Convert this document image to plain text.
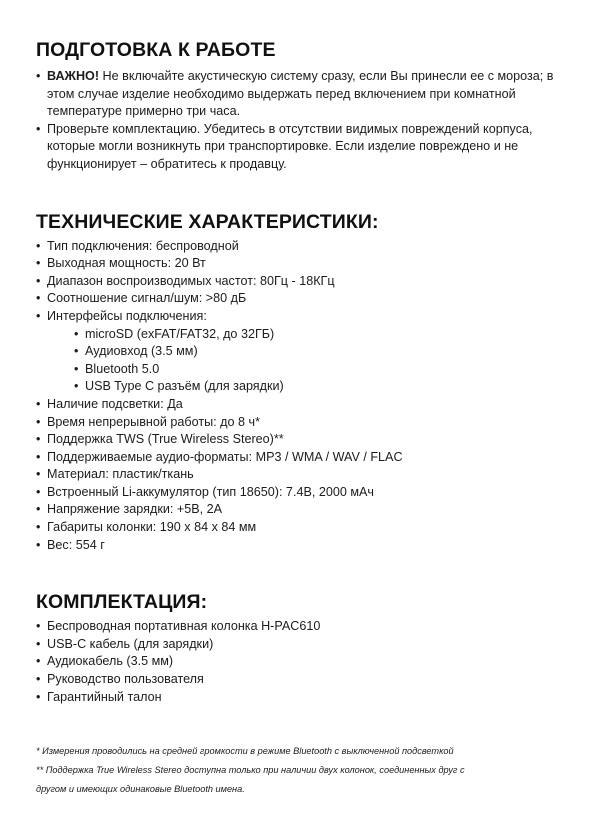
ПОДГОТОВКА К РАБОТЕ
• ВАЖНО! Не включайте акустическую систему сразу, если Вы принесли ее с мороза; в этом случае изделие необходимо выдержать перед включением при комнатной температуре примерно три часа.
• Проверьте комплектацию. Убедитесь в отсутствии видимых повреждений корпуса, которые могли возникнуть при транспортировке. Если изделие повреждено и не функционирует – обратитесь к продавцу.
ТЕХНИЧЕСКИЕ ХАРАКТЕРИСТИКИ:
• Тип подключения: беспроводной
• Выходная мощность: 20 Вт
• Диапазон воспроизводимых частот: 80Гц - 18КГц
• Соотношение сигнал/шум: >80 дБ
• Интерфейсы подключения:
• microSD (exFAT/FAT32, до 32ГБ)
• Аудиовход (3.5 мм)
• Bluetooth 5.0
• USB Type C разъём (для зарядки)
• Наличие подсветки: Да
• Время непрерывной работы: до 8 ч*
• Поддержка TWS (True Wireless Stereo)**
• Поддерживаемые аудио-форматы: MP3 / WMA / WAV / FLAC
• Материал: пластик/ткань
• Встроенный Li-аккумулятор (тип 18650): 7.4В, 2000 мАч
• Напряжение зарядки: +5В, 2А
• Габариты колонки: 190 х 84 х 84 мм
• Вес: 554 г
КОМПЛЕКТАЦИЯ:
• Беспроводная портативная колонка H-PAC610
• USB-C кабель (для зарядки)
• Аудиокабель (3.5 мм)
• Руководство пользователя
• Гарантийный талон

* Измерения проводились на средней громкости в режиме Bluetooth с выключенной подсветкой

** Поддержка True Wireless Stereo доступна только при наличии двух колонок, соединенных друг с

другом и имеющих одинаковые Bluetooth имена.
